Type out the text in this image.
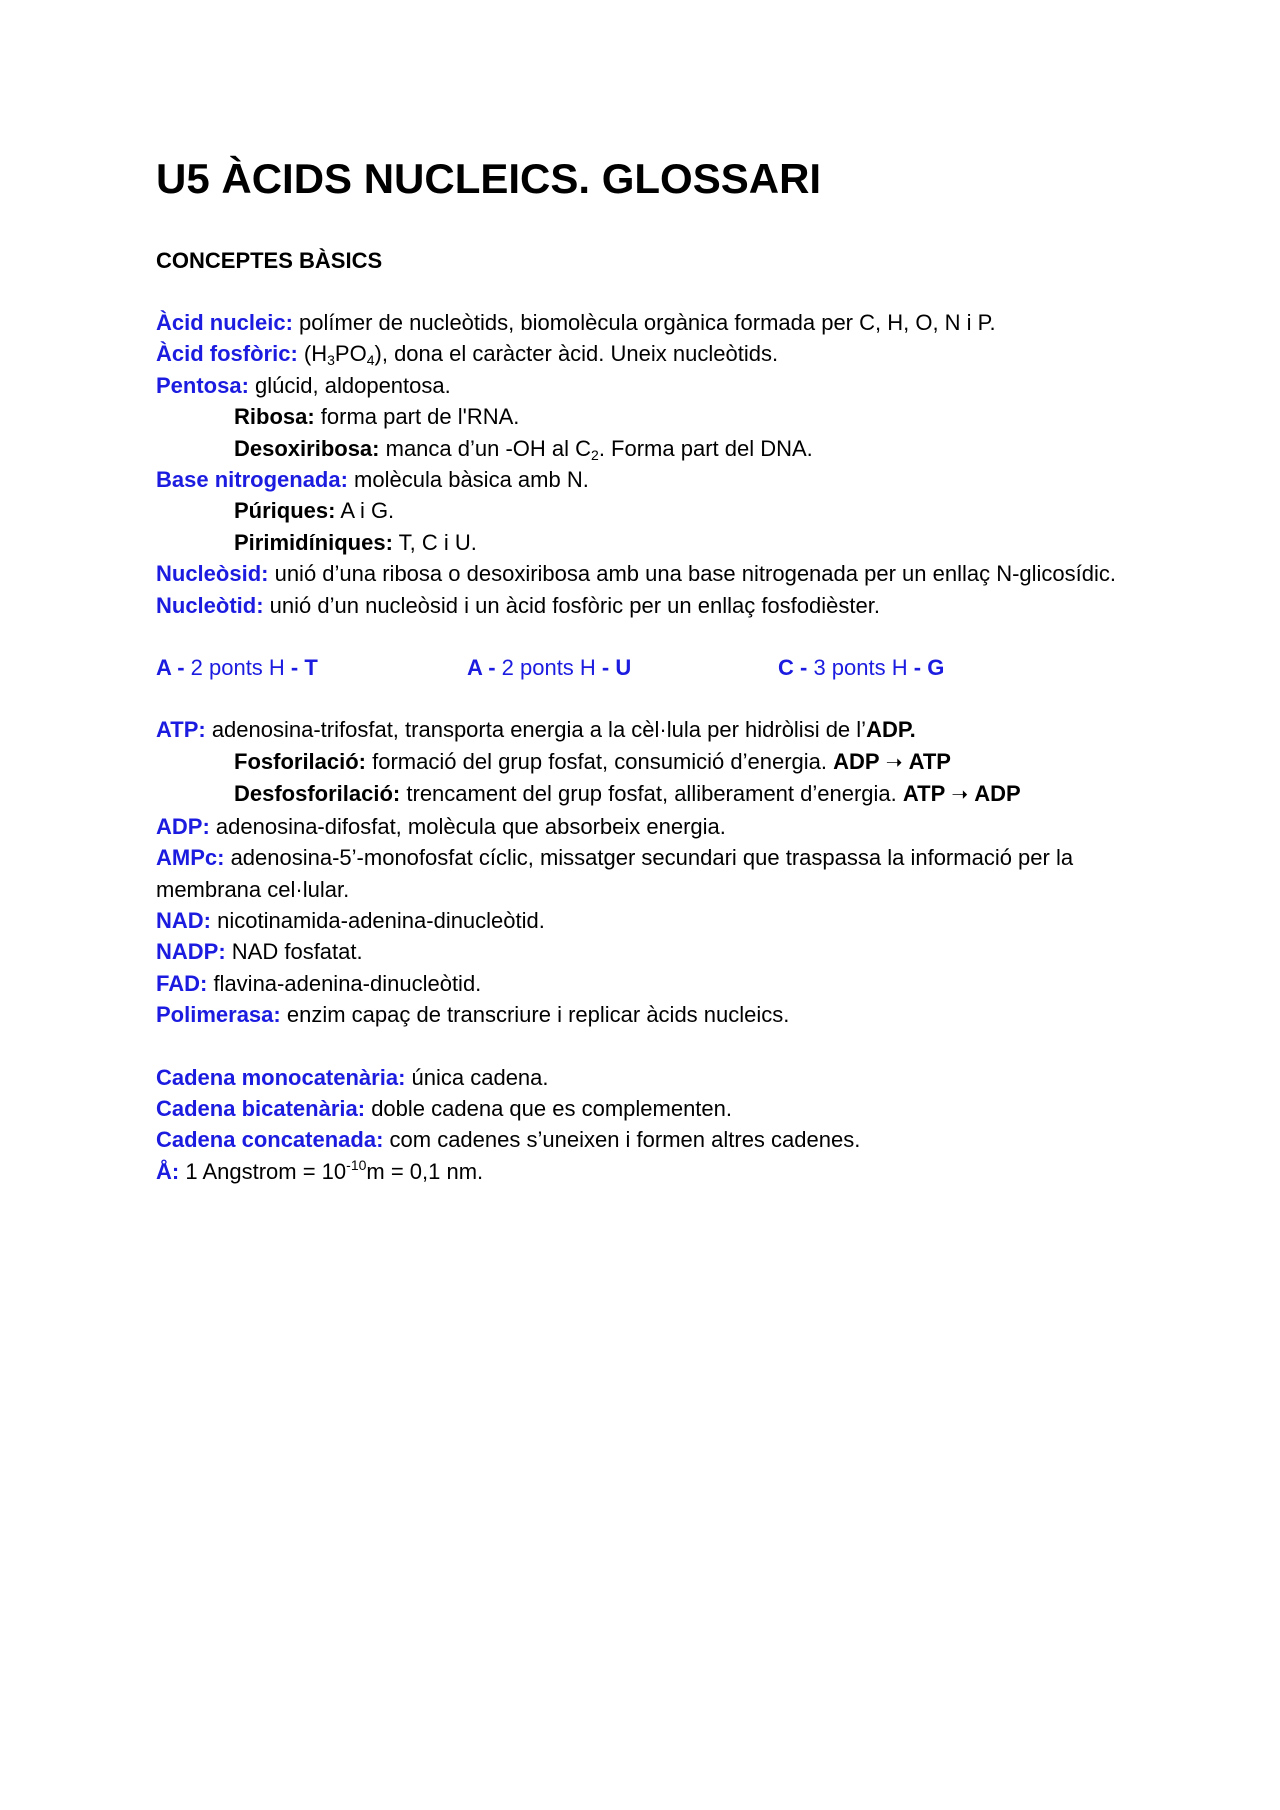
U5 ÀCIDS NUCLEICS. GLOSSARI
CONCEPTES BÀSICS
Àcid nucleic: polímer de nucleòtids, biomolècula orgànica formada per C, H, O, N i P.
Àcid fosfòric: $(H_3PO_4)$, dona el caràcter àcid. Uneix nucleòtids.
Pentosa: glúcid, aldopentosa.
Ribosa: forma part de l'RNA.
Desoxiribosa: manca d’un -OH al $C_2$. Forma part del DNA.
Base nitrogenada: molècula bàsica amb N.
Púriques: A i G.
Pirimidíniques: T, C i U.
Nucleòsid: unió d’una ribosa o desoxiribosa amb una base nitrogenada per un enllaç N-glicosídic.
Nucleòtid: unió d’un nucleòsid i un àcid fosfòric per un enllaç fosfodièster.
A - 2 ponts H - T	A - 2 ponts H - U	C - 3 ponts H - G
ATP: adenosina-trifosfat, transporta energia a la cèl·lula per hidròlisi de l’ADP.
Fosforilació: formació del grup fosfat, consumició d’energia. ADP ➝ ATP
Desfosforilació: trencament del grup fosfat, alliberament d’energia. ATP ➝ ADP
ADP: adenosina-difosfat, molècula que absorbeix energia.
AMPc: adenosina-5’-monofosfat cíclic, missatger secundari que traspassa la informació per la membrana cel·lular.
NAD: nicotinamida-adenina-dinucleòtid.
NADP: NAD fosfatat.
FAD: flavina-adenina-dinucleòtid.
Polimerasa: enzim capaç de transcriure i replicar àcids nucleics.
Cadena monocatenària: única cadena.
Cadena bicatenària: doble cadena que es complementen.
Cadena concatenada: com cadenes s’uneixen i formen altres cadenes.
Å: 1 Angstrom = $10^{-10}m = 0,1$ nm.
